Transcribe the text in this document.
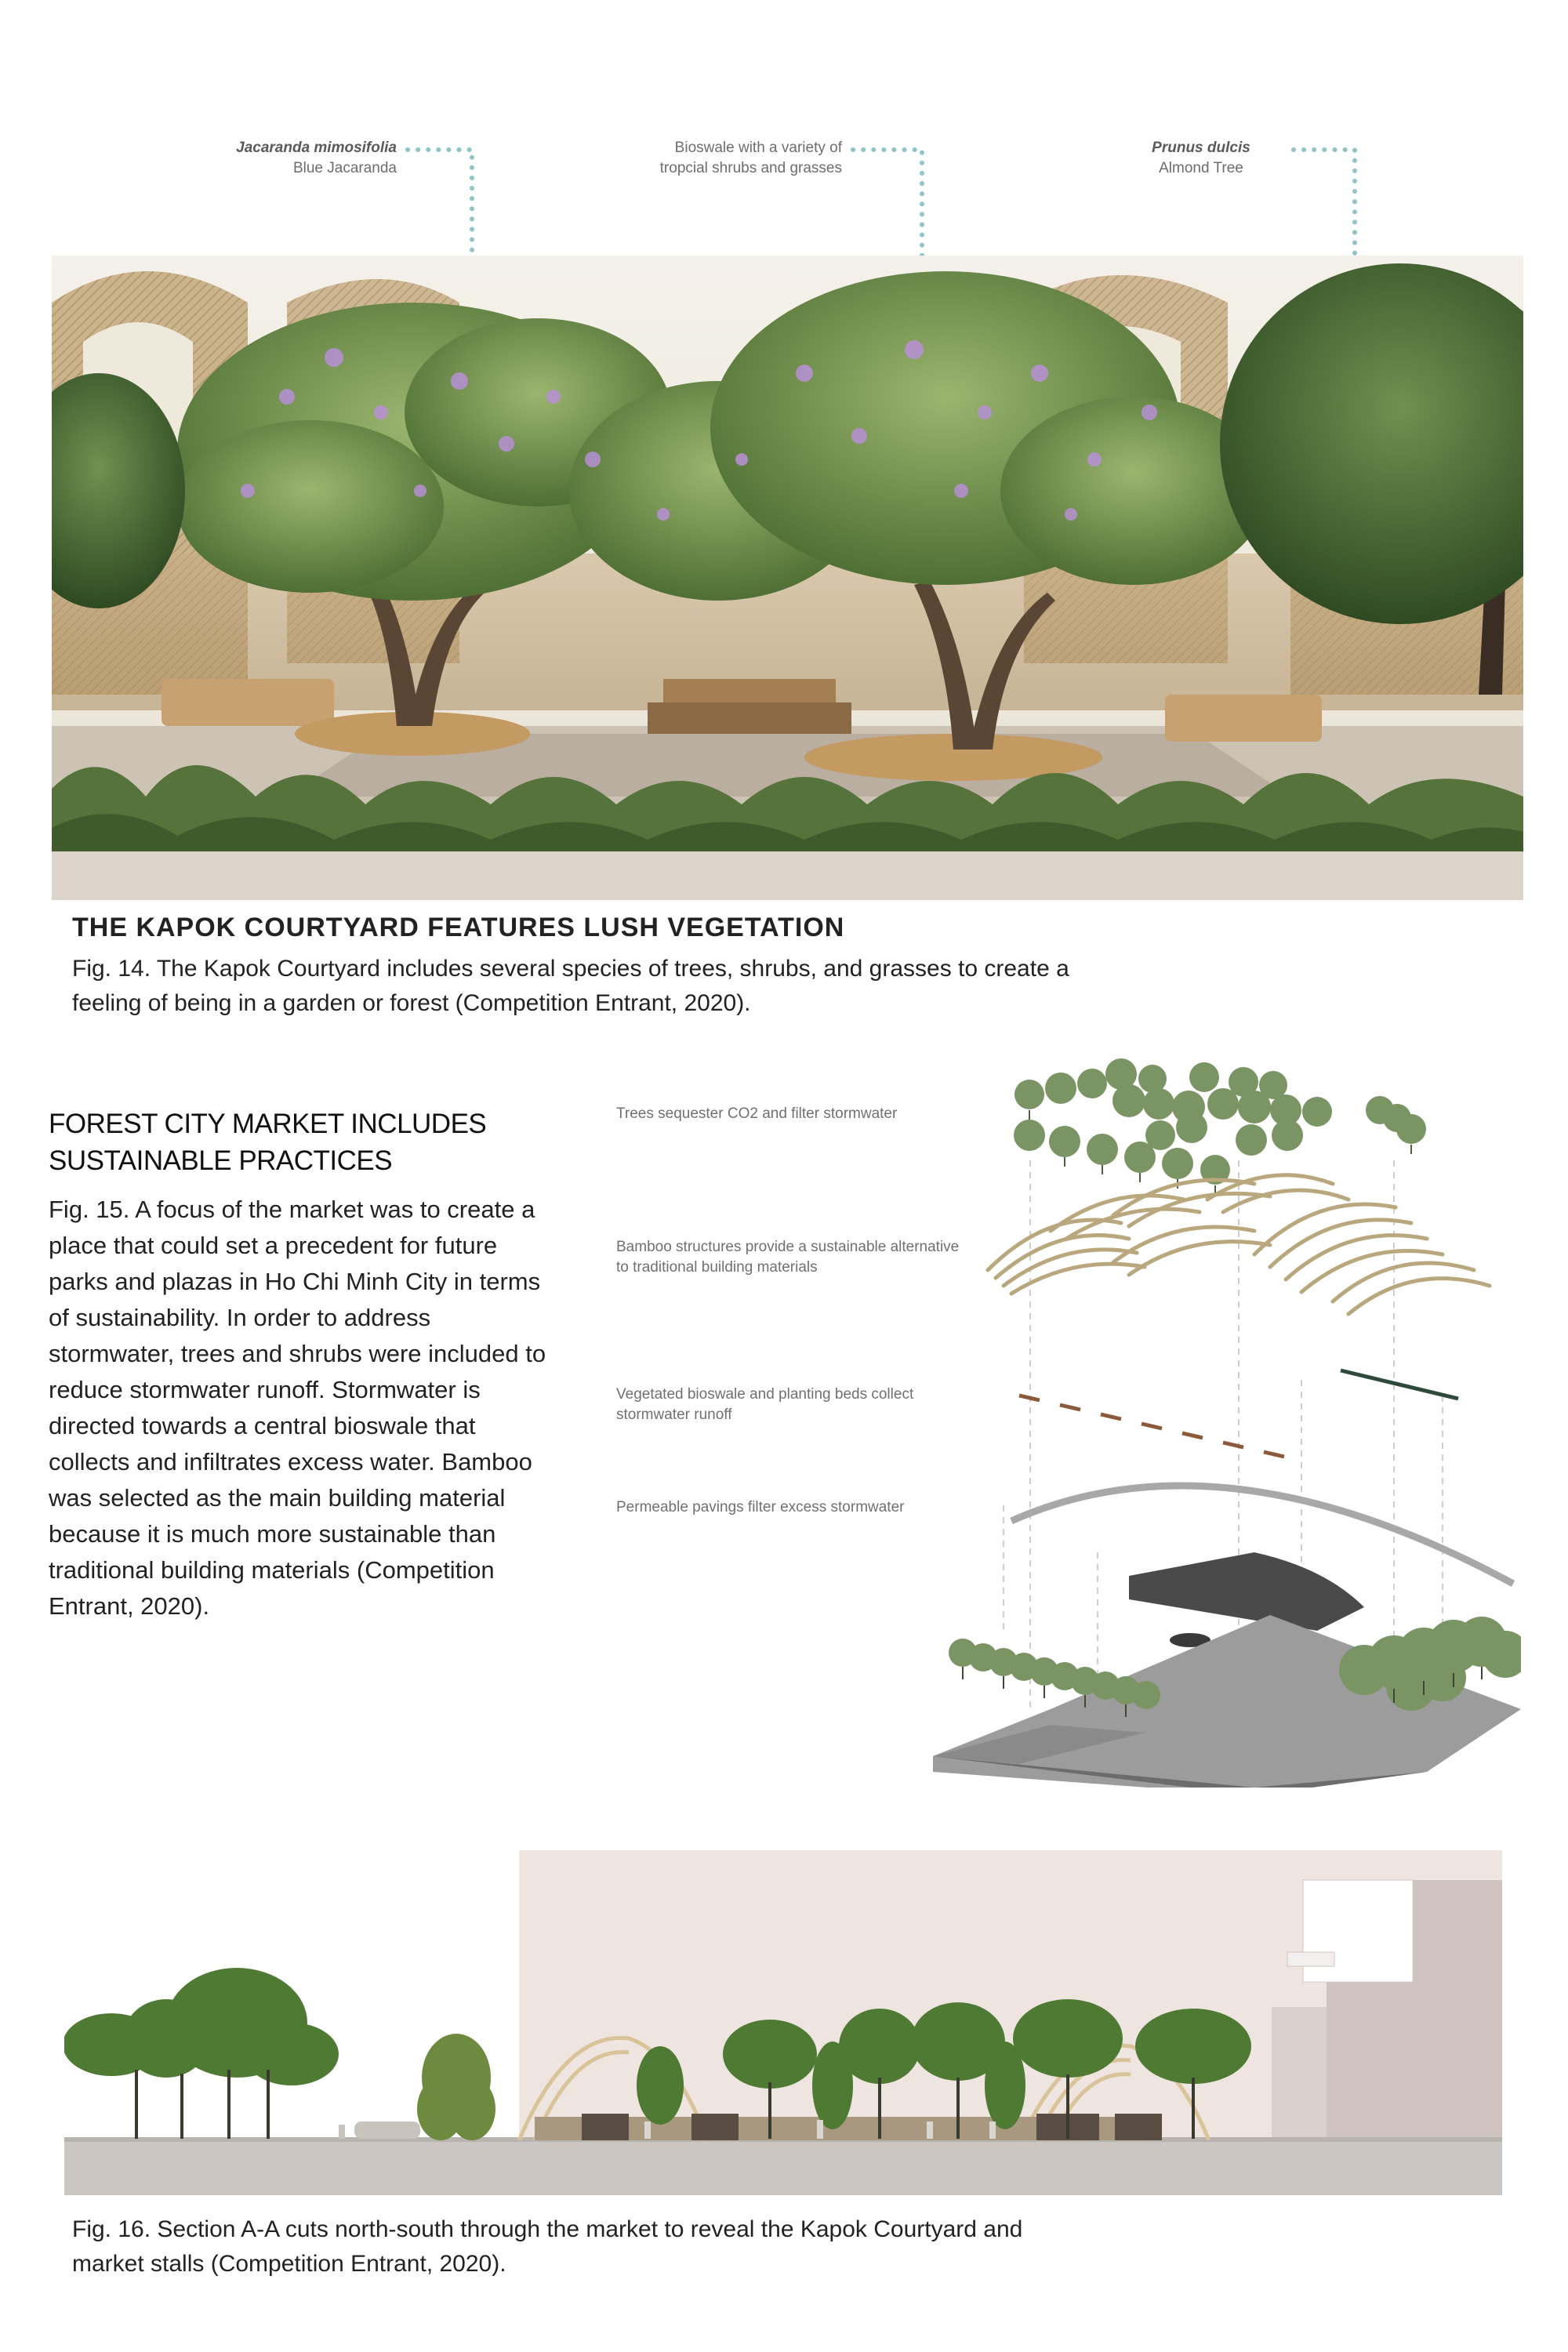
Jacaranda mimosifolia
Blue Jacaranda
Bioswale with a variety of
tropcial shrubs and grasses
Prunus dulcis
Almond Tree
THE KAPOK COURTYARD FEATURES LUSH VEGETATION
Fig. 14. The Kapok Courtyard includes several species of trees, shrubs, and grasses to create a feeling of being in a garden or forest (Competition Entrant, 2020).
FOREST CITY MARKET INCLUDES SUSTAINABLE PRACTICES
Fig. 15. A focus of the market was to create a place that could set a precedent for future parks and plazas in Ho Chi Minh City in terms of sustainability. In order to address stormwater, trees and shrubs were included to reduce stormwater runoff. Stormwater is directed towards a central bioswale that collects and infiltrates excess water. Bamboo was selected as the main building material because it is much more sustainable than traditional building materials (Competition Entrant, 2020).
Trees sequester CO2 and filter stormwater
Bamboo structures provide a sustainable alternative to traditional building materials
Vegetated bioswale and planting beds collect stormwater runoff
Permeable pavings filter excess stormwater
Fig. 16. Section A-A cuts north-south through the market to reveal the Kapok Courtyard and market stalls (Competition Entrant, 2020).
